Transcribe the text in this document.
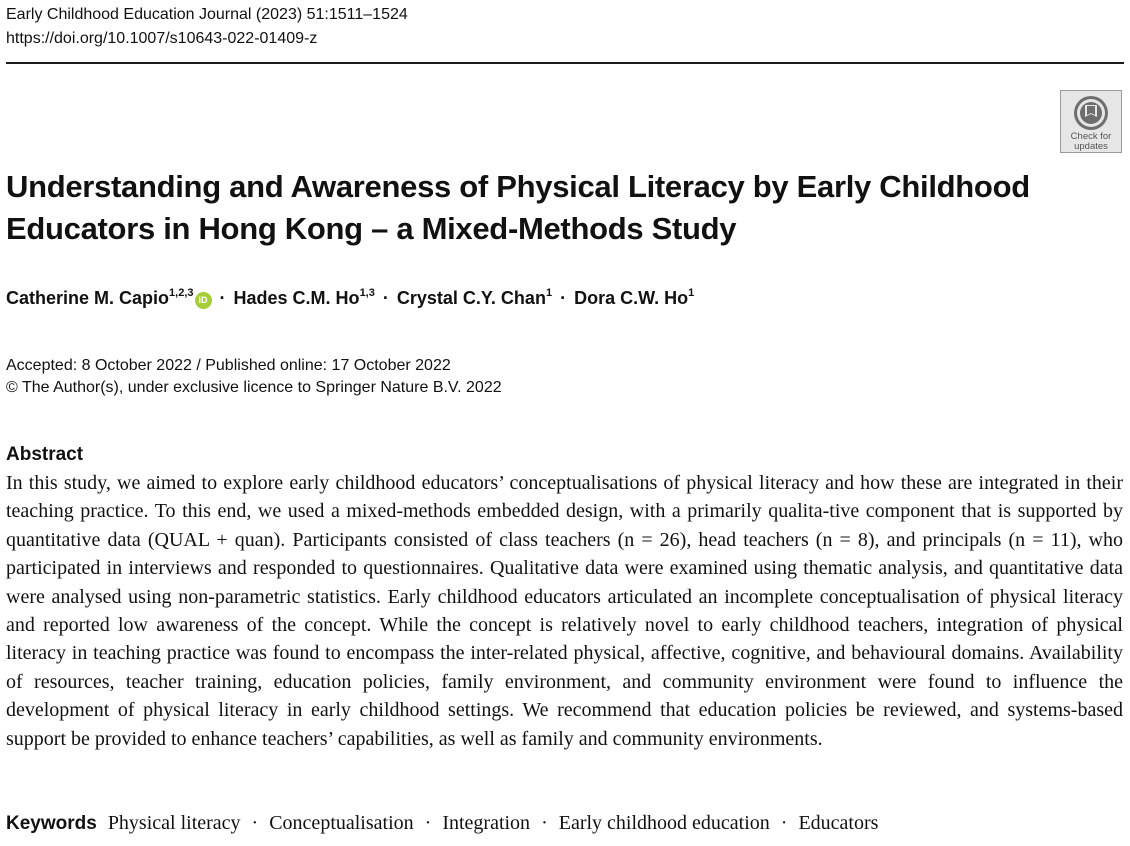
Early Childhood Education Journal (2023) 51:1511–1524
https://doi.org/10.1007/s10643-022-01409-z
Check for
updates
Understanding and Awareness of Physical Literacy by Early Childhood
Educators in Hong Kong – a Mixed-Methods Study
Catherine M. Capio$^{1,2,3}$iD · Hades C.M. Ho$^{1,3}$ · Crystal C.Y. Chan$^1$ · Dora C.W. Ho$^1$
Accepted: 8 October 2022 / Published online: 17 October 2022
© The Author(s), under exclusive licence to Springer Nature B.V. 2022
Abstract

In this study, we aimed to explore early childhood educators’ conceptualisations of physical literacy and how these are integrated in their teaching practice. To this end, we used a mixed-methods embedded design, with a primarily qualita-tive component that is supported by quantitative data (QUAL + quan). Participants consisted of class teachers (n = 26), head teachers (n = 8), and principals (n = 11), who participated in interviews and responded to questionnaires. Qualitative data were examined using thematic analysis, and quantitative data were analysed using non-parametric statistics. Early childhood educators articulated an incomplete conceptualisation of physical literacy and reported low awareness of the concept. While the concept is relatively novel to early childhood teachers, integration of physical literacy in teaching practice was found to encompass the inter-related physical, affective, cognitive, and behavioural domains. Availability of resources, teacher training, education policies, family environment, and community environment were found to influence the development of physical literacy in early childhood settings. We recommend that education policies be reviewed, and systems-based support be provided to enhance teachers’ capabilities, as well as family and community environments.

Keywords Physical literacy · Conceptualisation · Integration · Early childhood education · Educators
